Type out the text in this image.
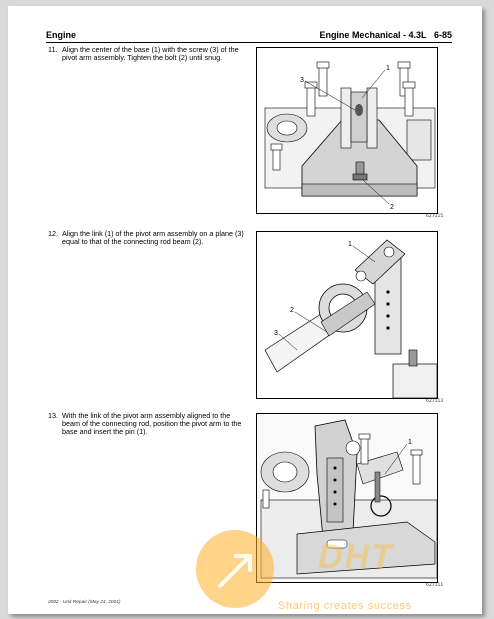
Engine	Engine Mechanical - 4.3L 6-85
11. Align the center of the base (1) with the screw (3) of the pivot arm assembly. Tighten the bolt (2) until snug.
1
3
2
627115
12. Align the link (1) of the pivot arm assembly on a plane (3) equal to that of the connecting rod beam (2).	1
2
3
627113
13. With the link of the pivot arm assembly aligned to the beam of the connecting rod, position the pivot arm to the base and insert the pin (1).
1
627111
2002 - Unit Repair (May 24, 2001)
DHT
Sharing creates success
